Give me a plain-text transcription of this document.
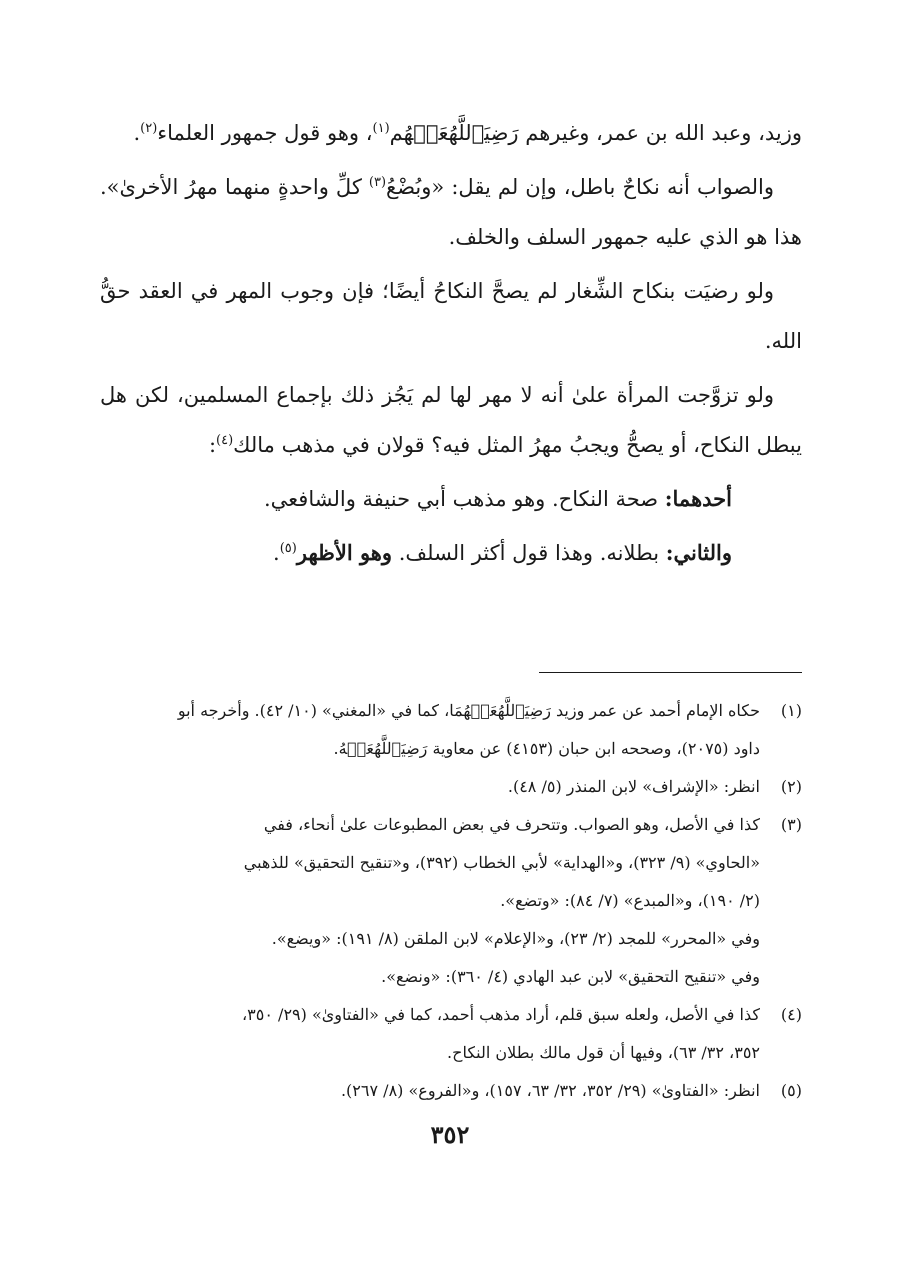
وزيد، وعبد الله بن عمر، وغيرهم رَضِيَٱللَّهُعَنۡهُم$^{(١)}$، وهو قول جمهور العلماء$^{(٢)}$.

والصواب أنه نكاحٌ باطل، وإن لم يقل: «وبُضْعُ$^{(٣)}$ كلِّ واحدةٍ منهما مهرُ الأخرىٰ». هذا هو الذي عليه جمهور السلف والخلف.

ولو رضيَت بنكاح الشِّغار لم يصحَّ النكاحُ أيضًا؛ فإن وجوب المهر في العقد حقُّ الله.

ولو تزوَّجت المرأة علىٰ أنه لا مهر لها لم يَجُز ذلك بإجماع المسلمين، لكن هل يبطل النكاح، أو يصحُّ ويجبُ مهرُ المثل فيه؟ قولان في مذهب مالك$^{(٤)}$:

أحدهما: صحة النكاح. وهو مذهب أبي حنيفة والشافعي.

والثاني: بطلانه. وهذا قول أكثر السلف. وهو الأظهر$^{(٥)}$.

(١)
حكاه الإمام أحمد عن عمر وزيد رَضِيَٱللَّهُعَنۡهُمَا، كما في «المغني» (١٠/ ٤٢). وأخرجه أبو
داود (٢٠٧٥)، وصححه ابن حبان (٤١٥٣) عن معاوية رَضِيَٱللَّهُعَنۡهُ.
(٢)
انظر: «الإشراف» لابن المنذر (٥/ ٤٨).
(٣)
كذا في الأصل، وهو الصواب. وتتحرف في بعض المطبوعات علىٰ أنحاء، ففي
«الحاوي» (٩/ ٣٢٣)، و«الهداية» لأبي الخطاب (٣٩٢)، و«تنقيح التحقيق» للذهبي
(٢/ ١٩٠)، و«المبدع» (٧/ ٨٤): «وتضع».
وفي «المحرر» للمجد (٢/ ٢٣)، و«الإعلام» لابن الملقن (٨/ ١٩١): «ويضع».
وفي «تنقيح التحقيق» لابن عبد الهادي (٤/ ٣٦٠): «ونضع».
(٤)
كذا في الأصل، ولعله سبق قلم، أراد مذهب أحمد، كما في «الفتاوىٰ» (٢٩/ ٣٥٠،
٣٥٢، ٣٢/ ٦٣)، وفيها أن قول مالك بطلان النكاح.
(٥)
انظر: «الفتاوىٰ» (٢٩/ ٣٥٢، ٣٢/ ٦٣، ١٥٧)، و«الفروع» (٨/ ٢٦٧).
٣٥٢
